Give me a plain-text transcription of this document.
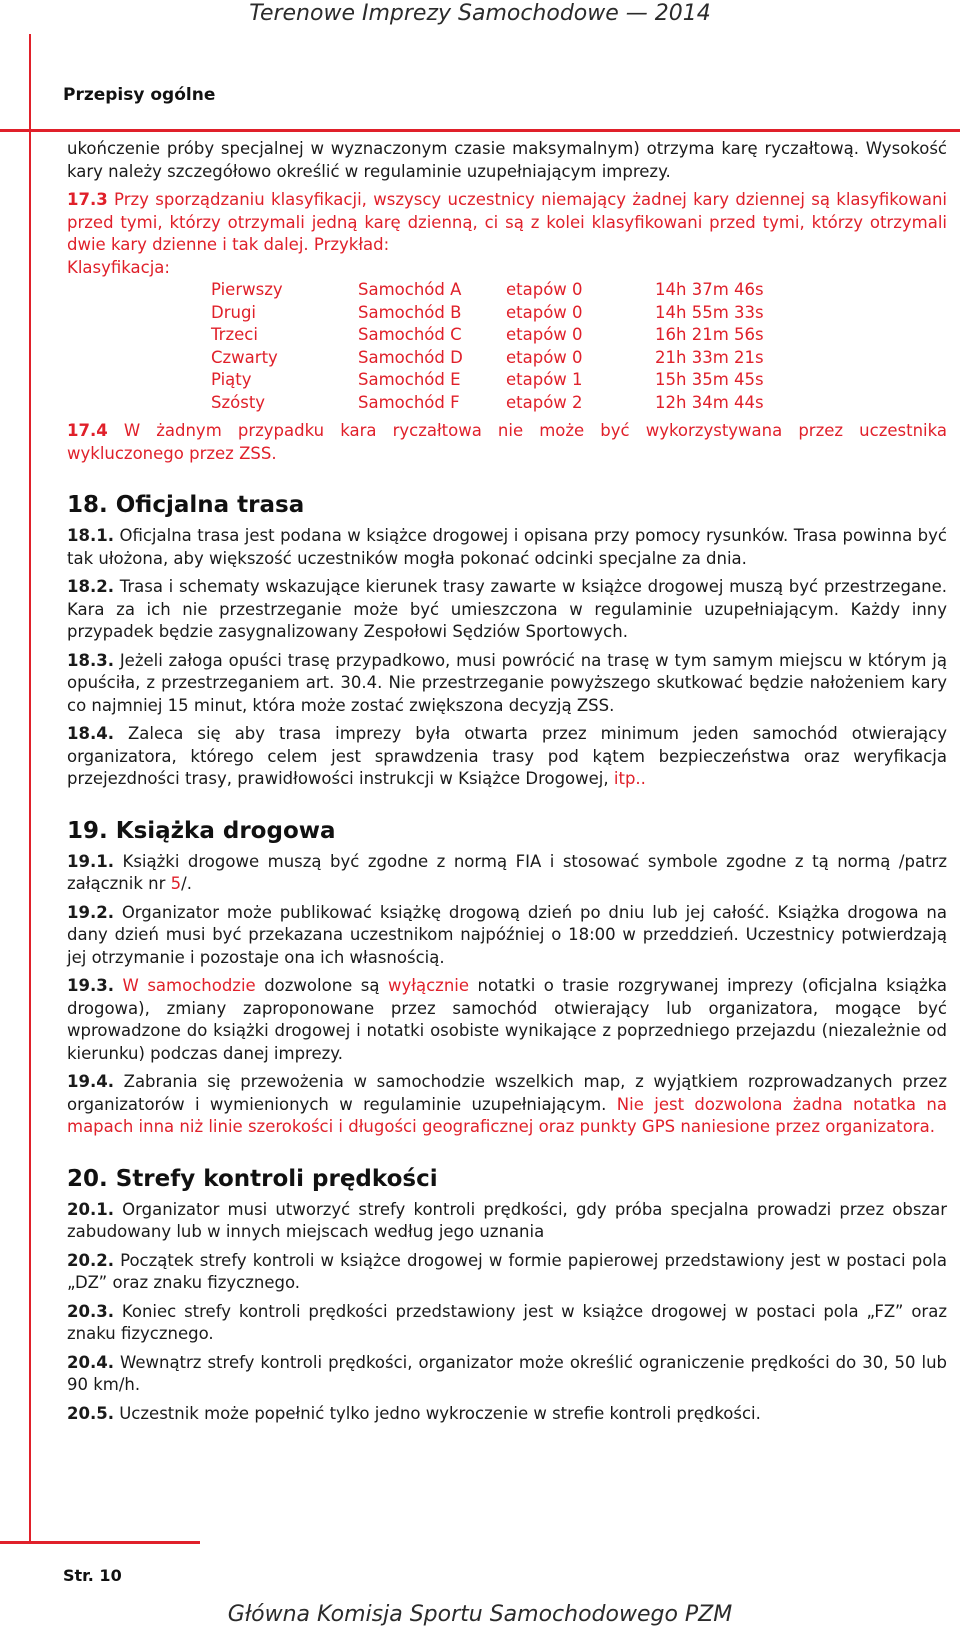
Terenowe Imprezy Samochodowe — 2014
Przepisy ogólne

ukończenie próby specjalnej w wyznaczonym czasie maksymalnym) otrzyma karę ryczałtową. Wysokość kary należy szczegółowo określić w regulaminie uzupełniającym imprezy.

17.3 Przy sporządzaniu klasyfikacji, wszyscy uczestnicy niemający żadnej kary dziennej są klasyfikowani przed tymi, którzy otrzymali jedną karę dzienną, ci są z kolei klasyfikowani przed tymi, którzy otrzymali dwie kary dzienne i tak dalej. Przykład:

Klasyfikacja:

Pierwszy	Samochód A	etapów 0	14h 37m 46s
Drugi	Samochód B	etapów 0	14h 55m 33s
Trzeci	Samochód C	etapów 0	16h 21m 56s
Czwarty	Samochód D	etapów 0	21h 33m 21s
Piąty	Samochód E	etapów 1	15h 35m 45s
Szósty	Samochód F	etapów 2	12h 34m 44s

17.4 W żadnym przypadku kara ryczałtowa nie może być wykorzystywana przez uczestnika wykluczonego przez ZSS.

18. Oficjalna trasa

18.1. Oficjalna trasa jest podana w książce drogowej i opisana przy pomocy rysunków. Trasa powinna być tak ułożona, aby większość uczestników mogła pokonać odcinki specjalne za dnia.

18.2. Trasa i schematy wskazujące kierunek trasy zawarte w książce drogowej muszą być przestrzegane. Kara za ich nie przestrzeganie może być umieszczona w regulaminie uzupełniającym. Każdy inny przypadek będzie zasygnalizowany Zespołowi Sędziów Sportowych.

18.3. Jeżeli załoga opuści trasę przypadkowo, musi powrócić na trasę w tym samym miejscu w którym ją opuściła, z przestrzeganiem art. 30.4. Nie przestrzeganie powyższego skutkować będzie nałożeniem kary co najmniej 15 minut, która może zostać zwiększona decyzją ZSS.

18.4. Zaleca się aby trasa imprezy była otwarta przez minimum jeden samochód otwierający organizatora, którego celem jest sprawdzenia trasy pod kątem bezpieczeństwa oraz weryfikacja przejezdności trasy, prawidłowości instrukcji w Książce Drogowej, itp..

19. Książka drogowa

19.1. Książki drogowe muszą być zgodne z normą FIA i stosować symbole zgodne z tą normą /patrz załącznik nr 5/.

19.2. Organizator może publikować książkę drogową dzień po dniu lub jej całość. Książka drogowa na dany dzień musi być przekazana uczestnikom najpóźniej o 18:00 w przeddzień. Uczestnicy potwierdzają jej otrzymanie i pozostaje ona ich własnością.

19.3. W samochodzie dozwolone są wyłącznie notatki o trasie rozgrywanej imprezy (oficjalna książka drogowa), zmiany zaproponowane przez samochód otwierający lub organizatora, mogące być wprowadzone do książki drogowej i notatki osobiste wynikające z poprzedniego przejazdu (niezależnie od kierunku) podczas danej imprezy.

19.4. Zabrania się przewożenia w samochodzie wszelkich map, z wyjątkiem rozprowadzanych przez organizatorów i wymienionych w regulaminie uzupełniającym. Nie jest dozwolona żadna notatka na mapach inna niż linie szerokości i długości geograficznej oraz punkty GPS naniesione przez organizatora.

20. Strefy kontroli prędkości

20.1. Organizator musi utworzyć strefy kontroli prędkości, gdy próba specjalna prowadzi przez obszar zabudowany lub w innych miejscach według jego uznania

20.2. Początek strefy kontroli w książce drogowej w formie papierowej przedstawiony jest w postaci pola „DZ” oraz znaku fizycznego.

20.3. Koniec strefy kontroli prędkości przedstawiony jest w książce drogowej w postaci pola „FZ” oraz znaku fizycznego.

20.4. Wewnątrz strefy kontroli prędkości, organizator może określić ograniczenie prędkości do 30, 50 lub 90 km/h.

20.5. Uczestnik może popełnić tylko jedno wykroczenie w strefie kontroli prędkości.

Str. 10
Główna Komisja Sportu Samochodowego PZM
